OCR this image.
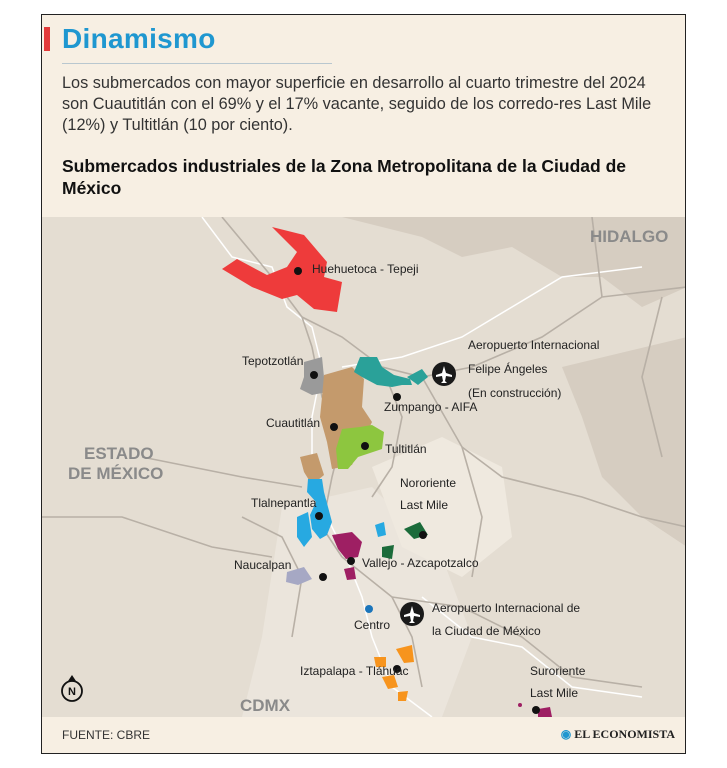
Dinamismo
Los submercados con mayor superficie en desarrollo al cuarto trimestre del 2024 son Cuautitlán con el 69% y el 17% vacante, seguido de los corredo-res Last Mile (12%) y Tultitlán (10 por ciento).
Submercados industriales de la Zona Metropolitana de la Ciudad de México
N
HIDALGO
ESTADO
DE MÉXICO
CDMX
Huehuetoca - Tepeji
Tepotzotlán
Zumpango - AIFA
Cuautitlán
Tultitlán
Tlalnepantla
Nororiente
Last Mile
Vallejo - Azcapotzalco
Naucalpan
Centro
Iztapalapa - Tláhuac	Suroriente
Last Mile
Aeropuerto Internacional
Felipe Ángeles
(En construcción)
Aeropuerto Internacional de
la Ciudad de México
FUENTE: CBRE	◉ EL ECONOMISTA
